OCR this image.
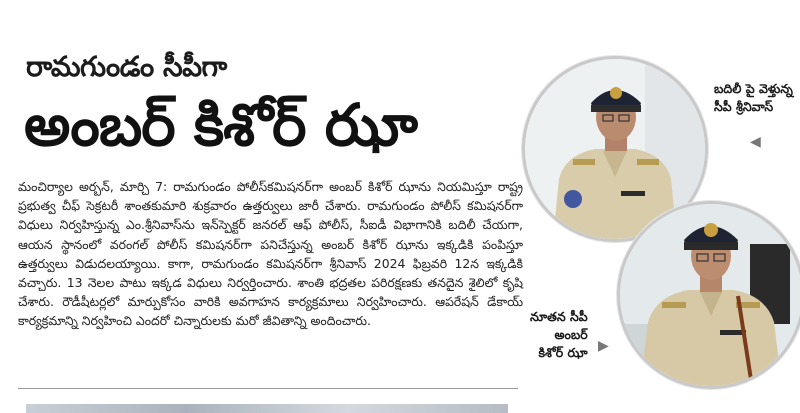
రామగుండం సీపీగా
అంబర్ కిశోర్ ఝా

మంచిర్యాల అర్బన్, మార్చి 7: రామగుండం పోలీస్‌కమిషనర్‌గా అంబర్ కిశోర్ ఝాను నియమిస్తూ రాష్ట్ర ప్రభుత్వ చీఫ్ సెక్రటరీ శాంతకుమారి శుక్రవారం ఉత్తర్వులు జారీ చేశారు. రామగుండం పోలీస్ కమిషనర్‌గా విధులు నిర్వహిస్తున్న ఎం.శ్రీనివాస్‌ను ఇన్‌స్పెక్టర్ జనరల్ ఆఫ్ పోలీస్, సీఐడీ విభాగానికి బదిలీ చేయగా, ఆయన స్థానంలో వరంగల్ పోలీస్ కమిషనర్‌గా పనిచేస్తున్న అంబర్ కిశోర్ ఝాను ఇక్కడికి పంపిస్తూ ఉత్తర్వులు విడుదలయ్యాయి. కాగా, రామగుండం కమిషనర్‌గా శ్రీనివాస్ 2024 ఫిబ్రవరి 12న ఇక్కడికి వచ్చారు. 13 నెలల పాటు ఇక్కడ విధులు నిర్వర్తించారు. శాంతి భద్రతల పరిరక్షణకు తనదైన శైలిలో కృషి చేశారు. రౌడీషీటర్లలో మార్పుకోసం వారికి అవగాహన కార్యక్రమాలు నిర్వహించారు. ఆపరేషన్ డేకాయ్ కార్యక్రమాన్ని నిర్వహించి ఎందరో చిన్నారులకు మరో జీవితాన్ని అందించారు.

బదిలీ పై వెళ్తున్న
సీపీ శ్రీనివాస్
◀
నూతన సీపీ
అంబర్
కిశోర్ ఝా ▶
